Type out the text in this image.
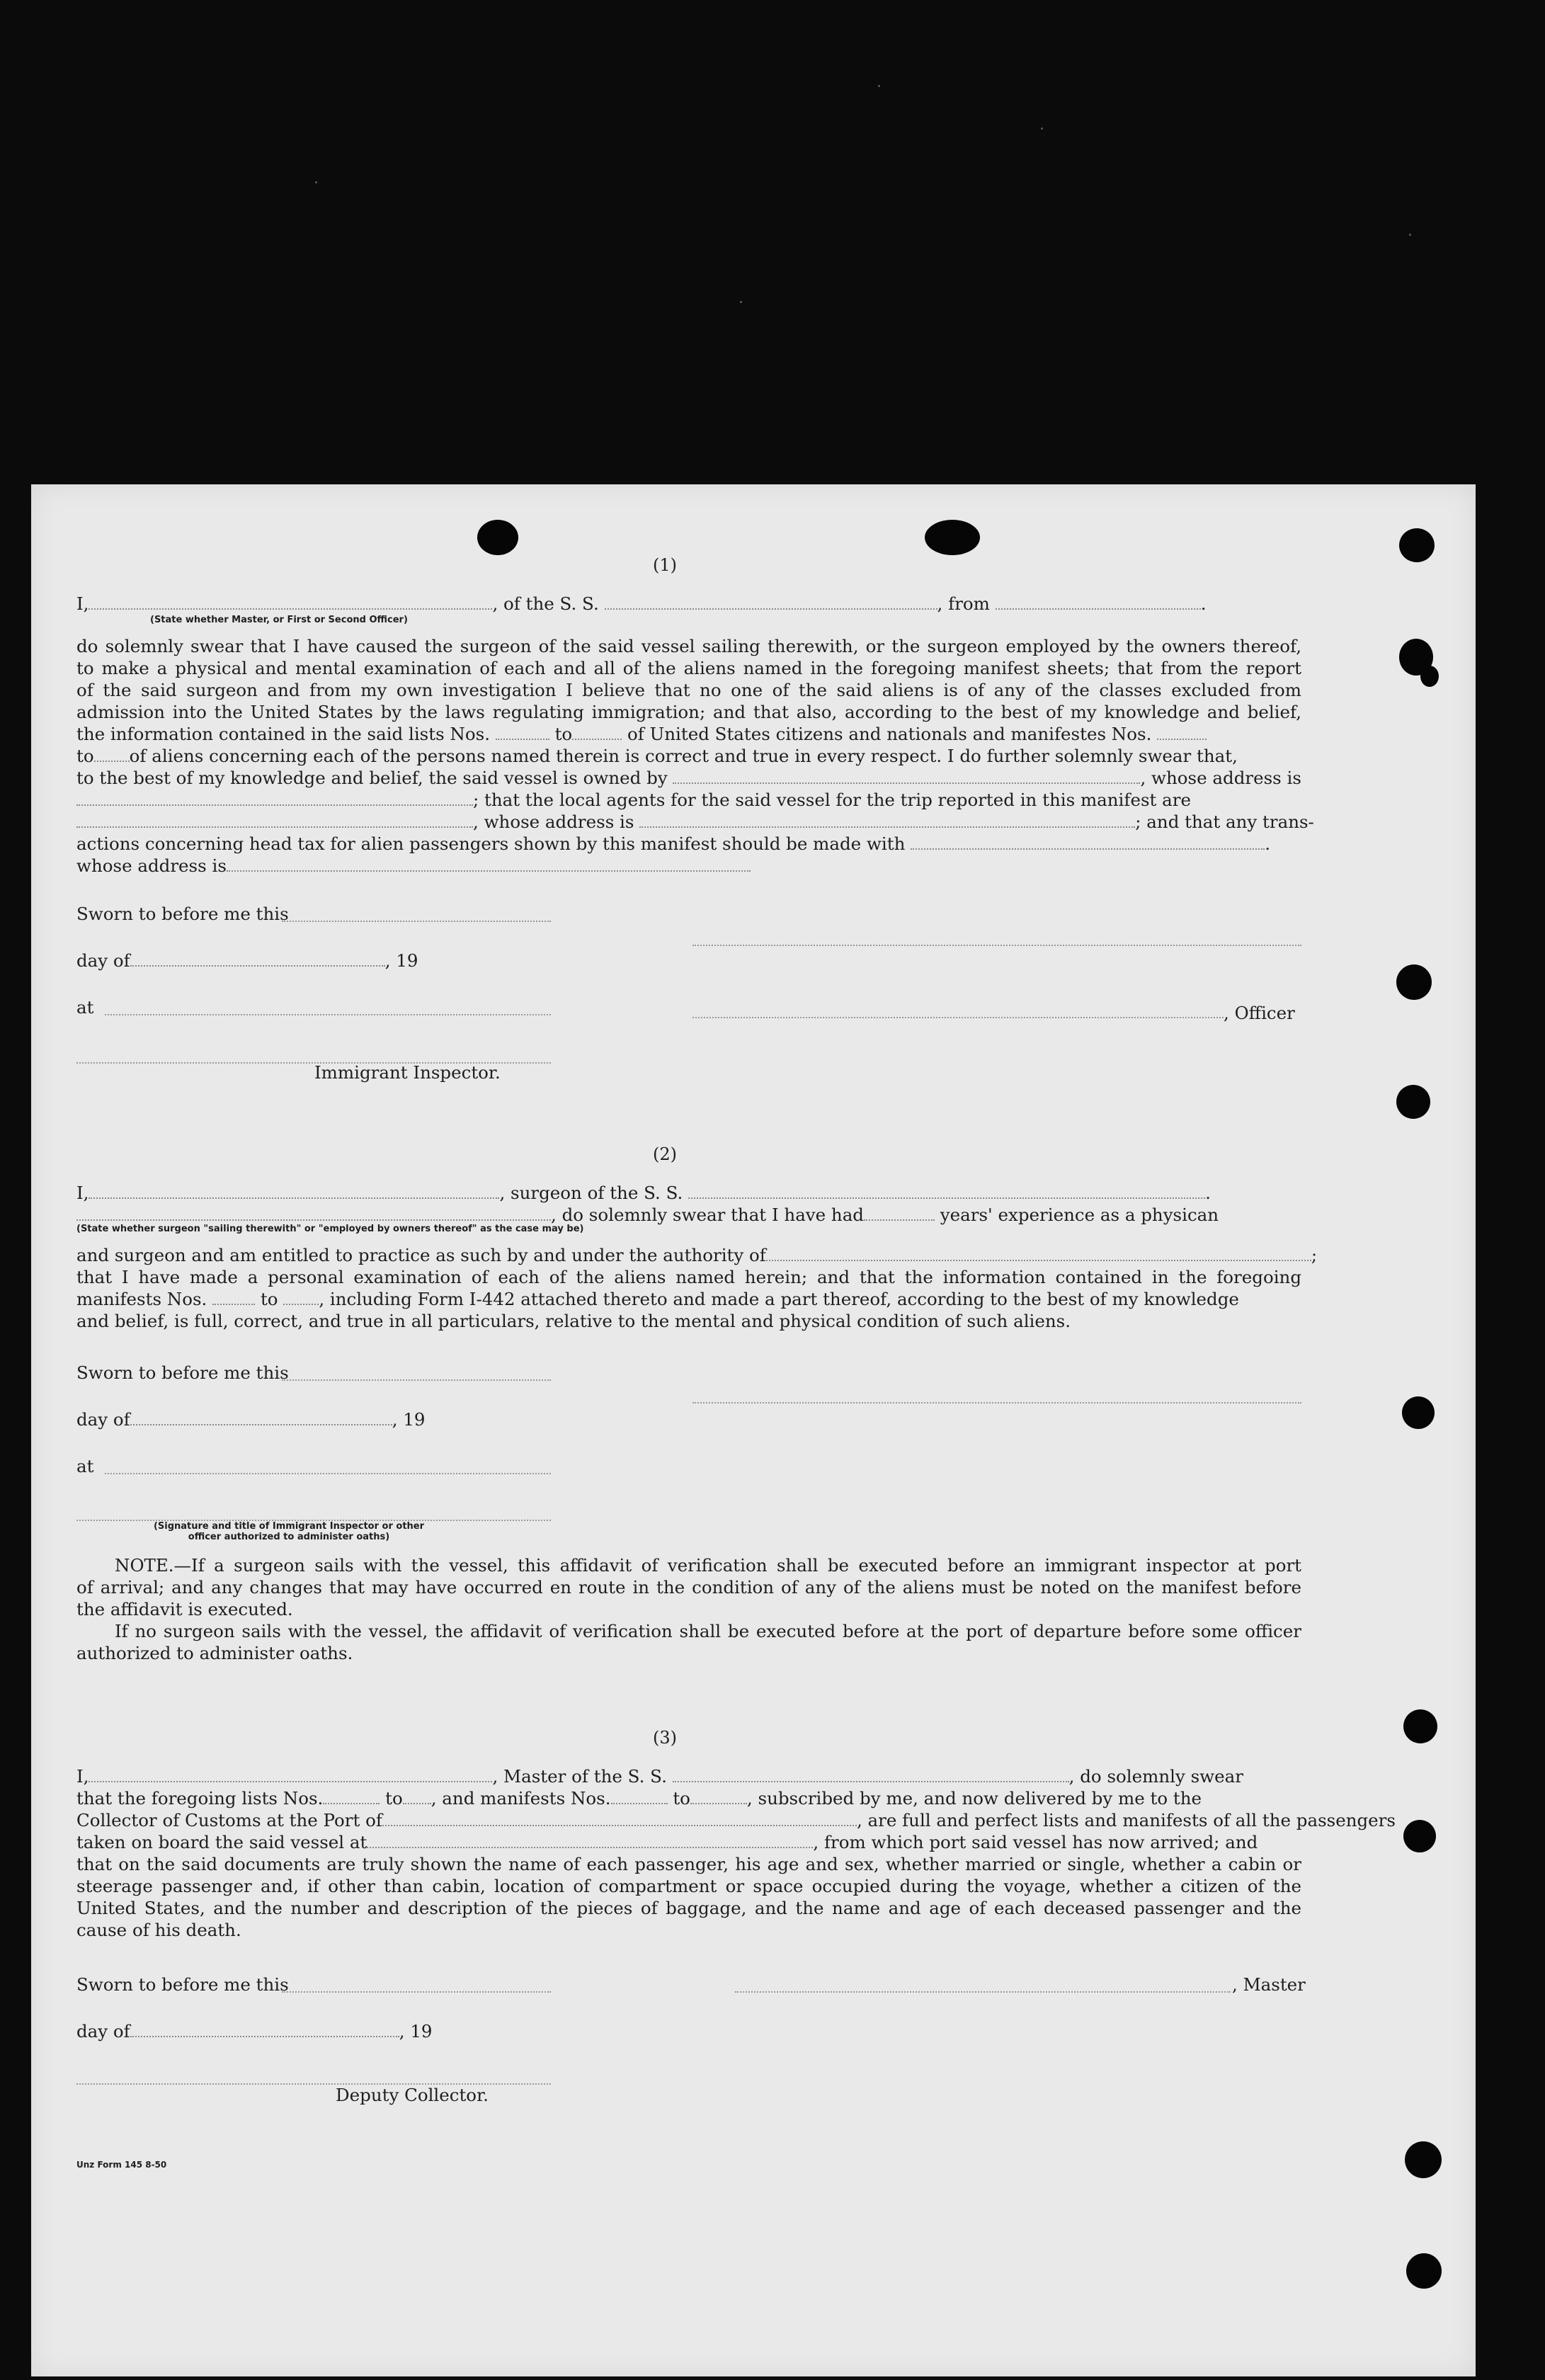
(1)
I,	, of the S. S.	, from	.
(State whether Master, or First or Second Officer)
do solemnly swear that I have caused the surgeon of the said vessel sailing therewith, or the surgeon employed by the owners thereof,
to make a physical and mental examination of each and all of the aliens named in the foregoing manifest sheets; that from the report
of the said surgeon and from my own investigation I believe that no one of the said aliens is of any of the classes excluded from
admission into the United States by the laws regulating immigration; and that also, according to the best of my knowledge and belief,
the information contained in the said lists Nos.	to	of United States citizens and nationals and manifestes Nos.
to of aliens concerning each of the persons named therein is correct and true in every respect. I do further solemnly swear that,
to the best of my knowledge and belief, the said vessel is owned by	, whose address is
; that the local agents for the said vessel for the trip reported in this manifest are
, whose address is	; and that any trans-
actions concerning head tax for alien passengers shown by this manifest should be made with	.
whose address is
Sworn to before me this
day of	, 19
at	, Officer
Immigrant Inspector.
(2)
I,	, surgeon of the S. S.	.
, do solemnly swear that I have had	years' experience as a physican
(State whether surgeon "sailing therewith" or "employed by owners thereof" as the case may be)
and surgeon and am entitled to practice as such by and under the authority of	;
that I have made a personal examination of each of the aliens named herein; and that the information contained in the foregoing
manifests Nos.	to , including Form I-442 attached thereto and made a part thereof, according to the best of my knowledge
and belief, is full, correct, and true in all particulars, relative to the mental and physical condition of such aliens.
Sworn to before me this
day of	, 19
at
(Signature and title of Immigrant Inspector or other
officer authorized to administer oaths)
NOTE.—If a surgeon sails with the vessel, this affidavit of verification shall be executed before an immigrant inspector at port
of arrival; and any changes that may have occurred en route in the condition of any of the aliens must be noted on the manifest before
the affidavit is executed.
If no surgeon sails with the vessel, the affidavit of verification shall be executed before at the port of departure before some officer
authorized to administer oaths.
(3)
I,	, Master of the S. S.	, do solemnly swear
that the foregoing lists Nos.	to , and manifests Nos.	to	, subscribed by me, and now delivered by me to the
Collector of Customs at the Port of	, are full and perfect lists and manifests of all the passengers
taken on board the said vessel at	, from which port said vessel has now arrived; and
that on the said documents are truly shown the name of each passenger, his age and sex, whether married or single, whether a cabin or
steerage passenger and, if other than cabin, location of compartment or space occupied during the voyage, whether a citizen of the
United States, and the number and description of the pieces of baggage, and the name and age of each deceased passenger and the
cause of his death.
Sworn to before me this	, Master
day of	, 19
Deputy Collector.
Unz Form 145 8-50
